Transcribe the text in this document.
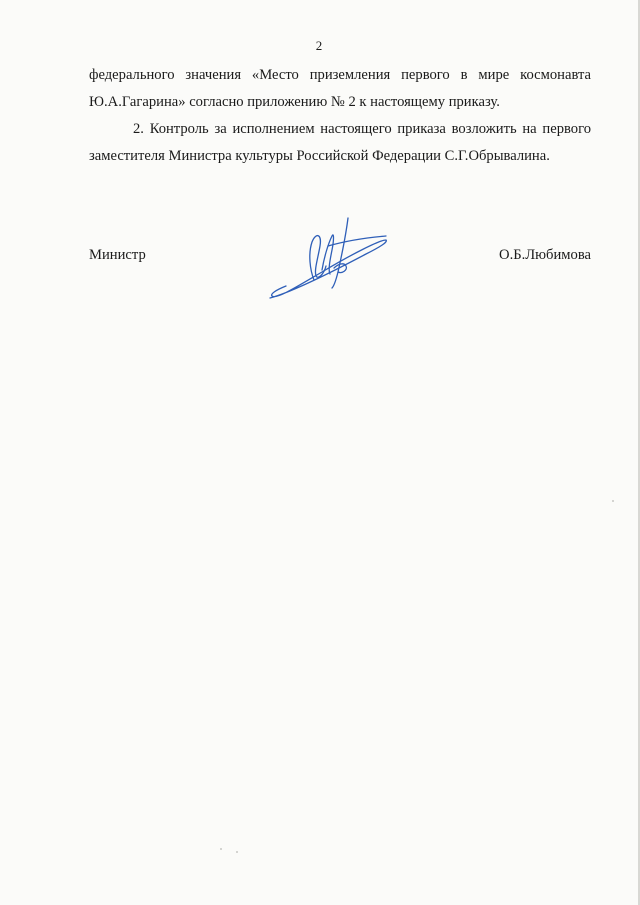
2

федерального значения «Место приземления первого в мире космонавта Ю.А.Гагарина» согласно приложению № 2 к настоящему приказу.

2. Контроль за исполнением настоящего приказа возложить на первого заместителя Министра культуры Российской Федерации С.Г.Обрывалина.

Министр	О.Б.Любимова
